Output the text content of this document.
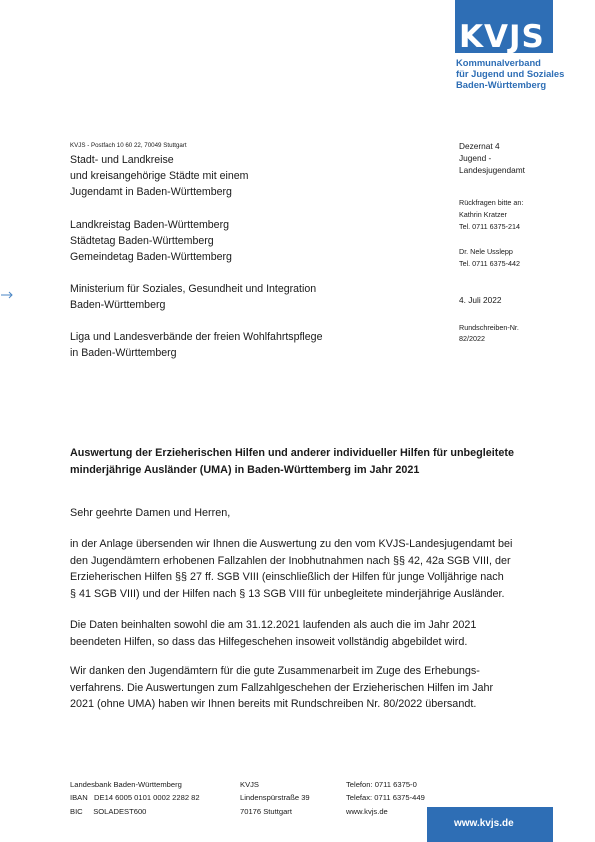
KVJS
Kommunalverband
für Jugend und Soziales
Baden-Württemberg
KVJS - Postfach 10 60 22, 70049 Stuttgart
Stadt- und Landkreise
und kreisangehörige Städte mit einem
Jugendamt in Baden-Württemberg
Landkreistag Baden-Württemberg
Städtetag Baden-Württemberg
Gemeindetag Baden-Württemberg
Ministerium für Soziales, Gesundheit und Integration
Baden-Württemberg
Liga und Landesverbände der freien Wohlfahrtspflege
in Baden-Württemberg
Dezernat 4
Jugend -
Landesjugendamt
Rückfragen bitte an:
Kathrin Kratzer
Tel. 0711 6375-214
Dr. Nele Usslepp
Tel. 0711 6375-442
4. Juli 2022
Rundschreiben-Nr.
82/2022
Auswertung der Erzieherischen Hilfen und anderer individueller Hilfen für unbegleitete
minderjährige Ausländer (UMA) in Baden-Württemberg im Jahr 2021
Sehr geehrte Damen und Herren,
in der Anlage übersenden wir Ihnen die Auswertung zu den vom KVJS-Landesjugendamt bei
den Jugendämtern erhobenen Fallzahlen der Inobhutnahmen nach §§ 42, 42a SGB VIII, der
Erzieherischen Hilfen §§ 27 ff. SGB VIII (einschließlich der Hilfen für junge Volljährige nach
§ 41 SGB VIII) und der Hilfen nach § 13 SGB VIII für unbegleitete minderjährige Ausländer.
Die Daten beinhalten sowohl die am 31.12.2021 laufenden als auch die im Jahr 2021
beendeten Hilfen, so dass das Hilfegeschehen insoweit vollständig abgebildet wird.
Wir danken den Jugendämtern für die gute Zusammenarbeit im Zuge des Erhebungs-
verfahrens. Die Auswertungen zum Fallzahlgeschehen der Erzieherischen Hilfen im Jahr
2021 (ohne UMA) haben wir Ihnen bereits mit Rundschreiben Nr. 80/2022 übersandt.
Landesbank Baden-Württemberg
IBAN   DE14 6005 0101 0002 2282 82
BIC     SOLADEST600
KVJS
Lindenspürstraße 39
70176 Stuttgart
Telefon: 0711 6375-0
Telefax: 0711 6375-449
www.kvjs.de
www.kvjs.de
